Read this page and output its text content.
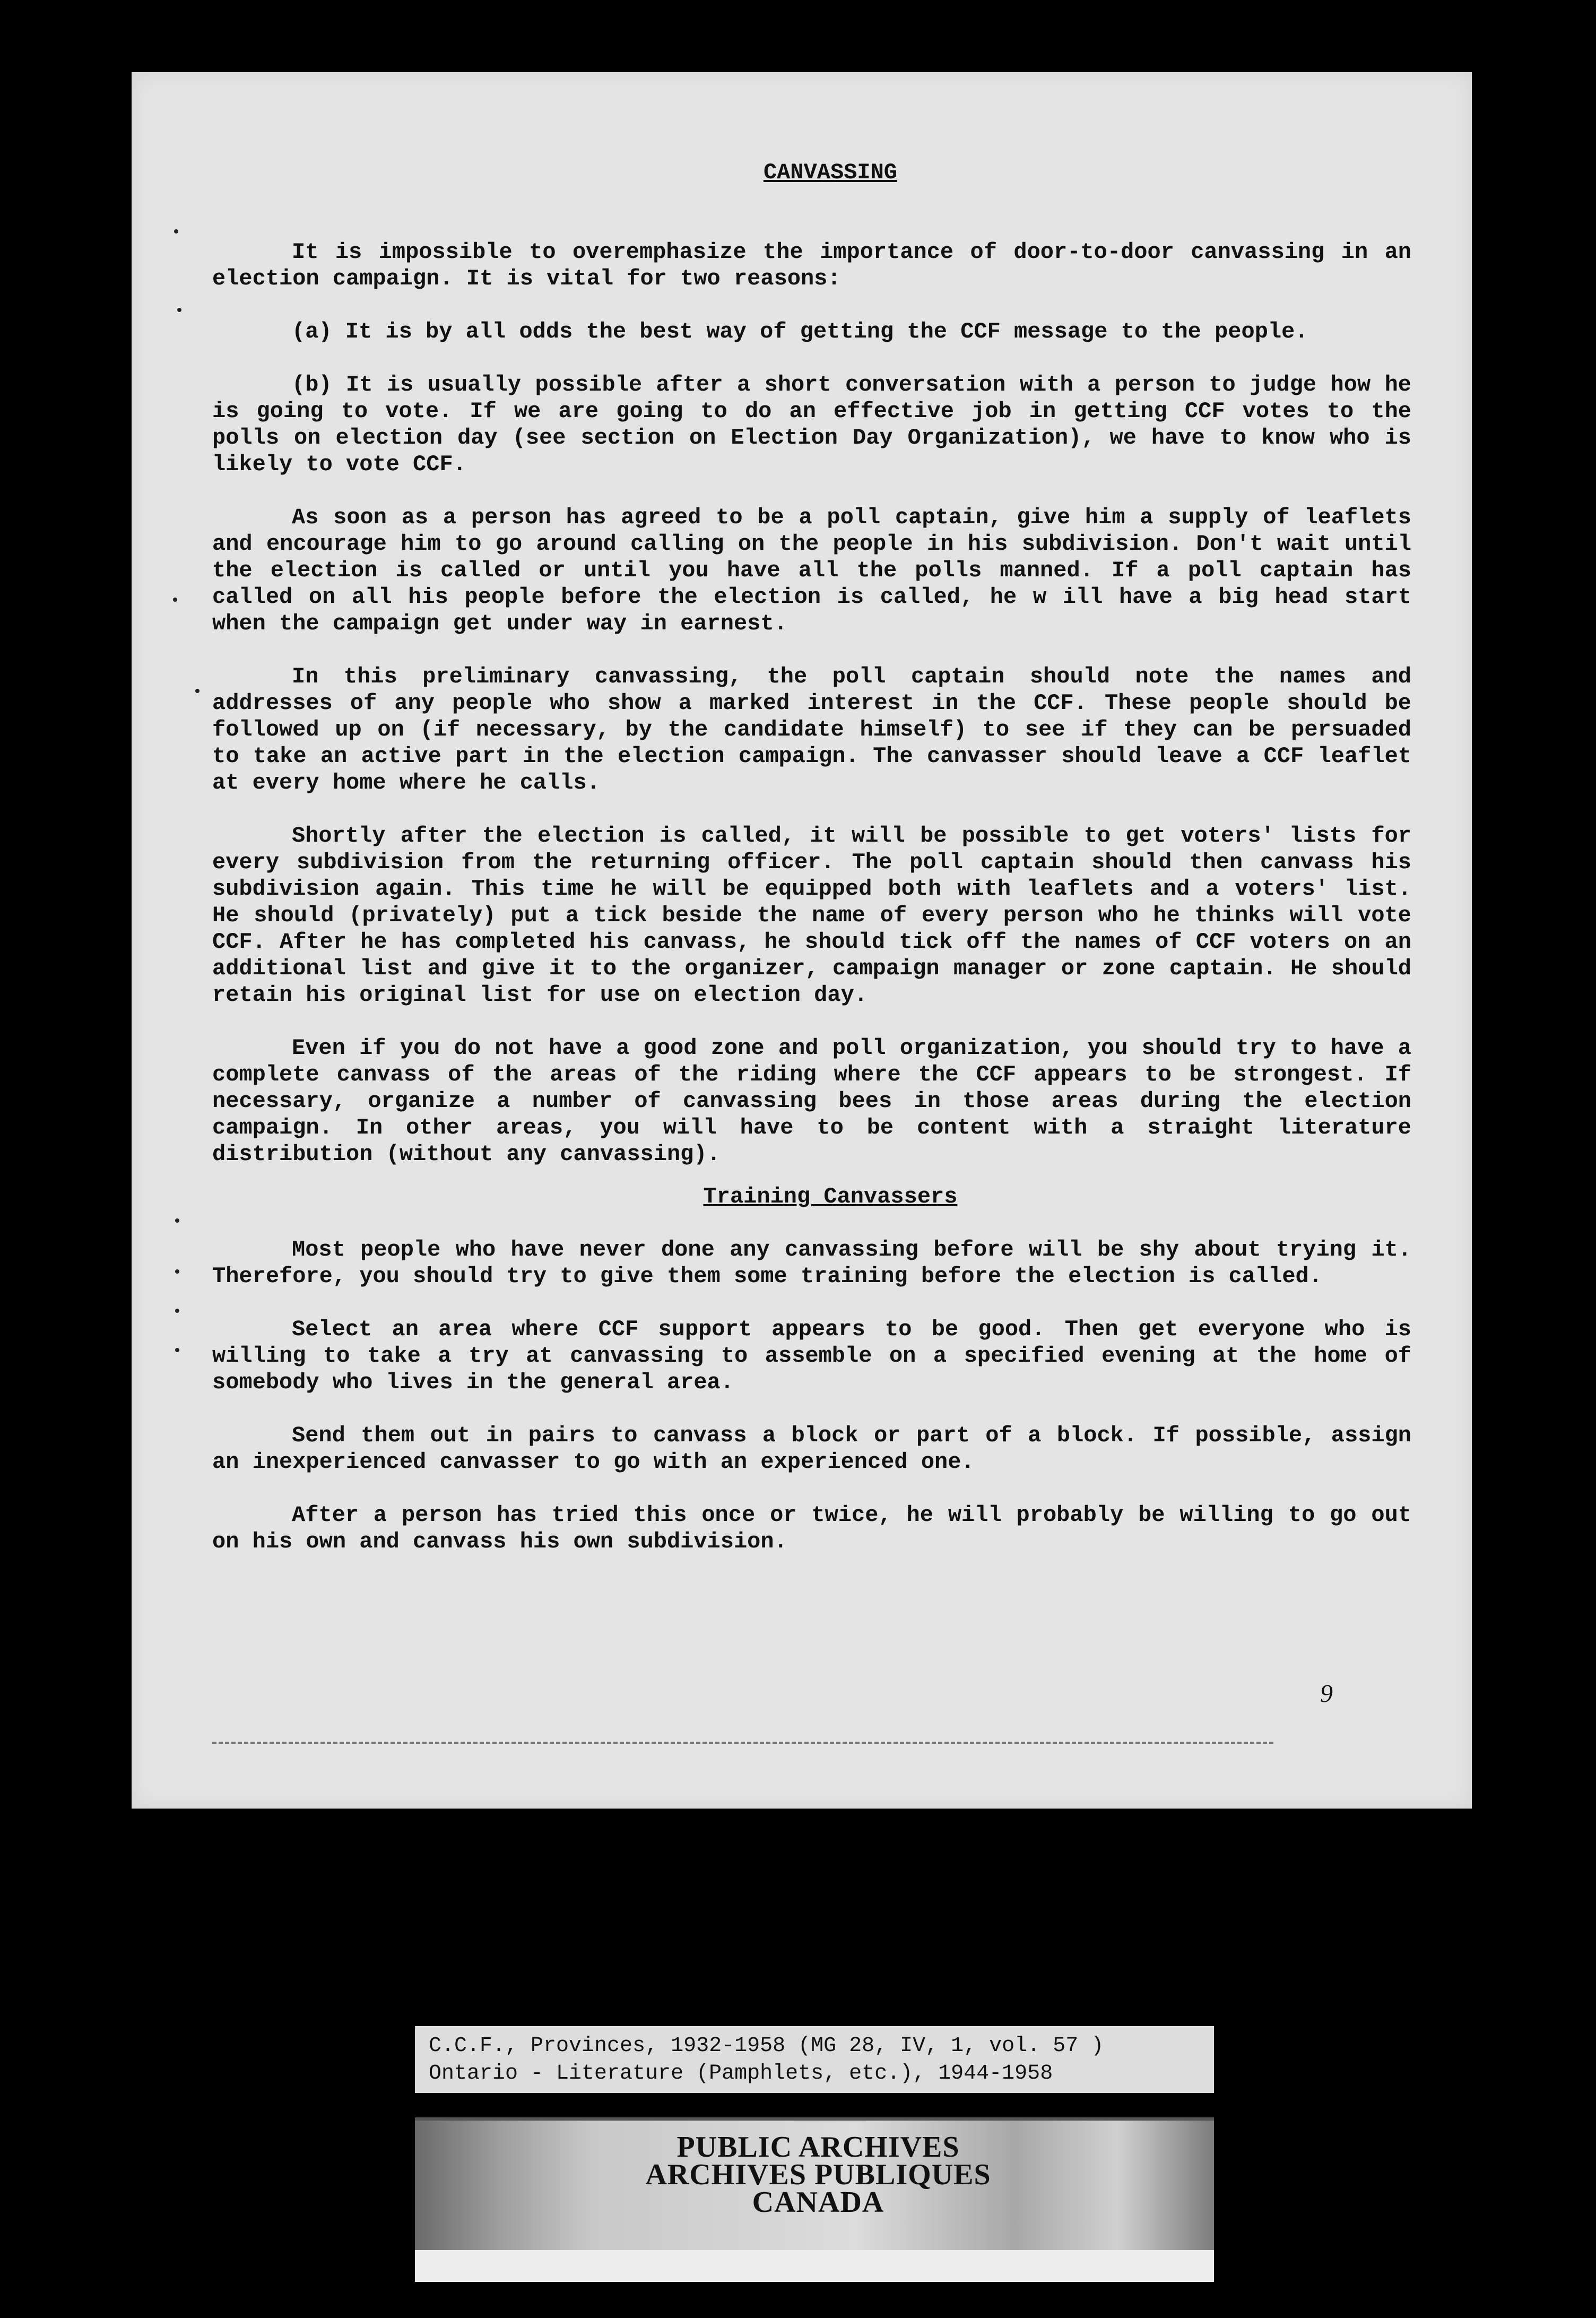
CANVASSING

It is impossible to overemphasize the importance of door-to-door canvassing in an election campaign. It is vital for two reasons:

(a) It is by all odds the best way of getting the CCF message to the people.

(b) It is usually possible after a short conversation with a person to judge how he is going to vote. If we are going to do an effective job in getting CCF votes to the polls on election day (see section on Election Day Organization), we have to know who is likely to vote CCF.

As soon as a person has agreed to be a poll captain, give him a supply of leaflets and encourage him to go around calling on the people in his subdivision. Don't wait until the election is called or until you have all the polls manned. If a poll captain has called on all his people before the election is called, he w ill have a big head start when the campaign get under way in earnest.

In this preliminary canvassing, the poll captain should note the names and addresses of any people who show a marked interest in the CCF. These people should be followed up on (if necessary, by the candidate himself) to see if they can be persuaded to take an active part in the election campaign. The canvasser should leave a CCF leaflet at every home where he calls.

Shortly after the election is called, it will be possible to get voters' lists for every subdivision from the returning officer. The poll captain should then canvass his subdivision again. This time he will be equipped both with leaflets and a voters' list. He should (privately) put a tick beside the name of every person who he thinks will vote CCF. After he has completed his canvass, he should tick off the names of CCF voters on an additional list and give it to the organizer, campaign manager or zone captain. He should retain his original list for use on election day.

Even if you do not have a good zone and poll organization, you should try to have a complete canvass of the areas of the riding where the CCF appears to be strongest. If necessary, organize a number of canvassing bees in those areas during the election campaign. In other areas, you will have to be content with a straight literature distribution (without any canvassing).

Training Canvassers

Most people who have never done any canvassing before will be shy about trying it. Therefore, you should try to give them some training before the election is called.

Select an area where CCF support appears to be good. Then get everyone who is willing to take a try at canvassing to assemble on a specified evening at the home of somebody who lives in the general area.

Send them out in pairs to canvass a block or part of a block. If possible, assign an inexperienced canvasser to go with an experienced one.

After a person has tried this once or twice, he will probably be willing to go out on his own and canvass his own subdivision.

9
C.C.F., Provinces, 1932-1958 (MG 28, IV, 1, vol. 57 )
Ontario - Literature (Pamphlets, etc.), 1944-1958
PUBLIC ARCHIVES
ARCHIVES PUBLIQUES
CANADA
